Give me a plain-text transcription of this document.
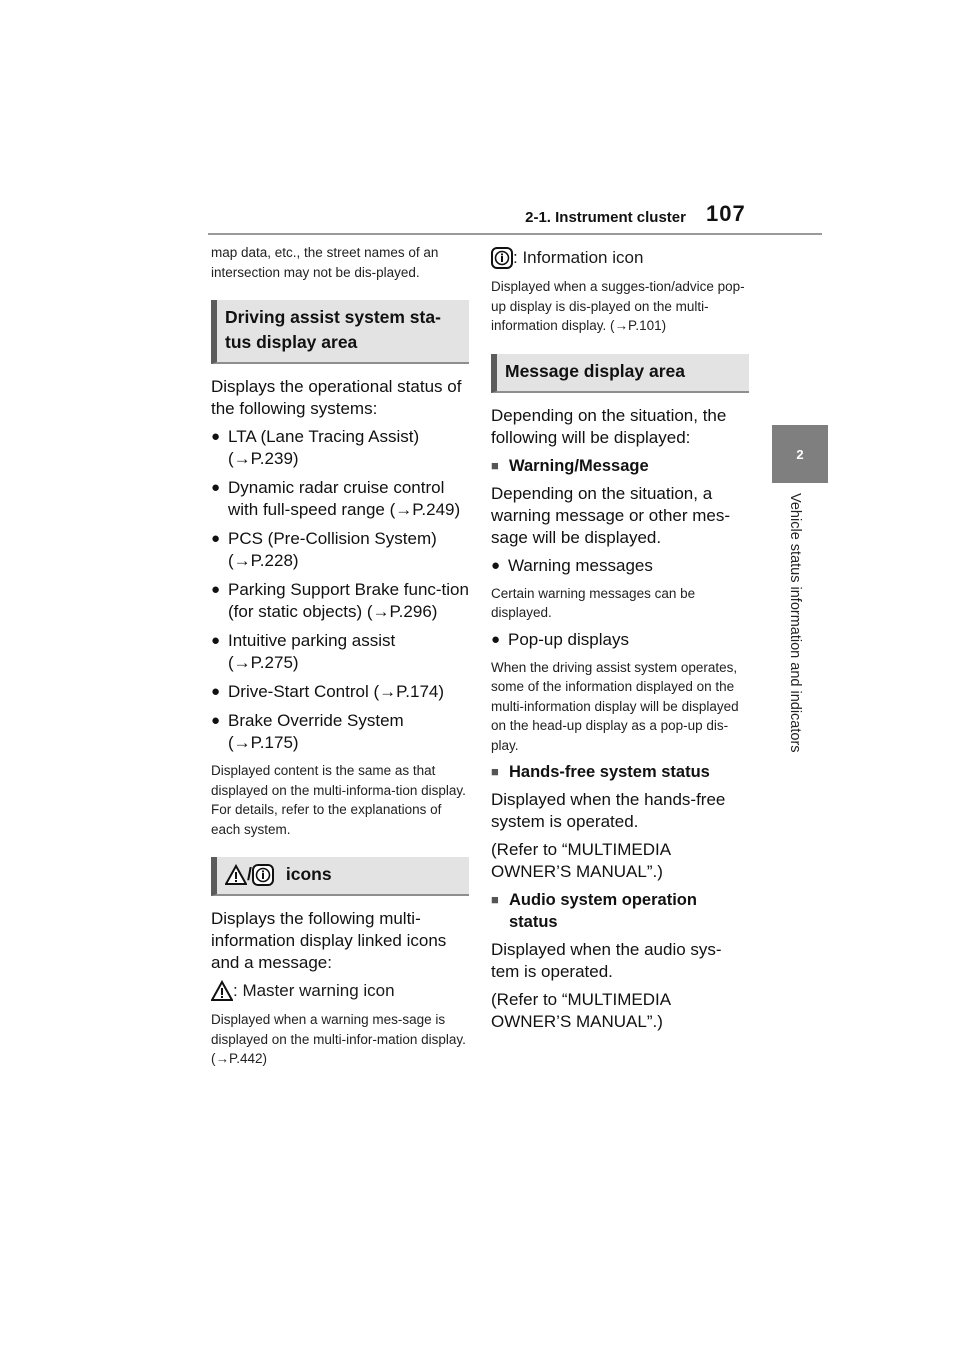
2-1. Instrument cluster 107
2
Vehicle status information and indicators

map data, etc., the street names of an intersection may not be dis-played.

Driving assist system sta-tus display area

Displays the operational status of the following systems:

● LTA (Lane Tracing Assist) (→P.239)
● Dynamic radar cruise control with full-speed range (→P.249)
● PCS (Pre-Collision System) (→P.228)
● Parking Support Brake func-tion (for static objects) (→P.296)
● Intuitive parking assist (→P.275)
● Drive-Start Control (→P.174)
● Brake Override System (→P.175)

Displayed content is the same as that displayed on the multi-informa-tion display. For details, refer to the explanations of each system.

/ icons

Displays the following multi-information display linked icons and a message:

: Master warning icon

Displayed when a warning mes-sage is displayed on the multi-infor-mation display. (→P.442)

: Information icon

Displayed when a sugges-tion/advice pop-up display is dis-played on the multi-information display. (→P.101)

Message display area

Depending on the situation, the following will be displayed:

■ Warning/Message

Depending on the situation, a warning message or other mes-sage will be displayed.

● Warning messages

Certain warning messages can be displayed.

● Pop-up displays

When the driving assist system operates, some of the information displayed on the multi-information display will be displayed on the head-up display as a pop-up dis-play.

■ Hands-free system status

Displayed when the hands-free system is operated.

(Refer to “MULTIMEDIA OWNER’S MANUAL”.)

■ Audio system operation status

Displayed when the audio sys-tem is operated.

(Refer to “MULTIMEDIA OWNER’S MANUAL”.)
